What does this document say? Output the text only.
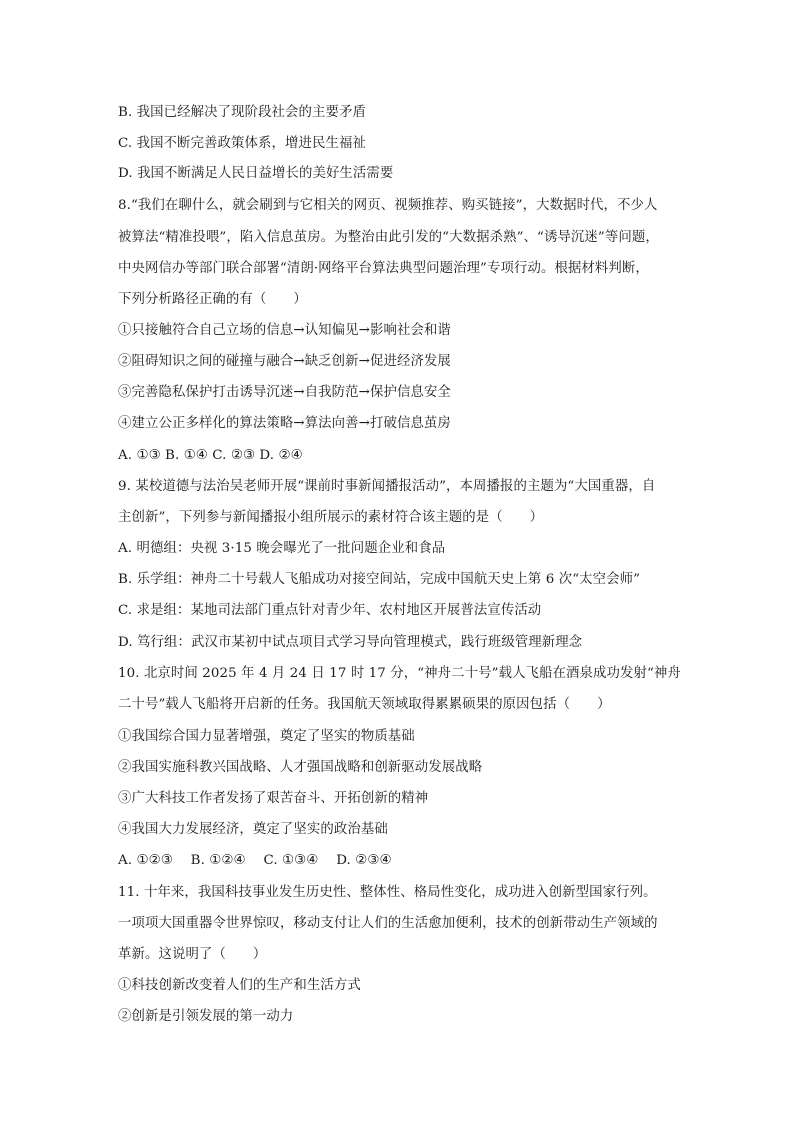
B. 我国已经解决了现阶段社会的主要矛盾
C. 我国不断完善政策体系，增进民生福祉
D. 我国不断满足人民日益增长的美好生活需要
8.“我们在聊什么，就会刷到与它相关的网页、视频推荐、购买链接”，大数据时代，不少人
被算法“精准投喂”，陷入信息茧房。为整治由此引发的“大数据杀熟”、“诱导沉迷”等问题，
中央网信办等部门联合部署“清朗·网络平台算法典型问题治理”专项行动。根据材料判断，
下列分析路径正确的有（　　）
①只接触符合自己立场的信息→认知偏见→影响社会和谐
②阻碍知识之间的碰撞与融合→缺乏创新→促进经济发展
③完善隐私保护打击诱导沉迷→自我防范→保护信息安全
④建立公正多样化的算法策略→算法向善→打破信息茧房
A. ①③ B. ①④ C. ②③ D. ②④
9. 某校道德与法治吴老师开展“课前时事新闻播报活动”，本周播报的主题为“大国重器，自
主创新”，下列参与新闻播报小组所展示的素材符合该主题的是（　　）
A. 明德组：央视 3·15 晚会曝光了一批问题企业和食品
B. 乐学组：神舟二十号载人飞船成功对接空间站，完成中国航天史上第 6 次“太空会师”
C. 求是组：某地司法部门重点针对青少年、农村地区开展普法宣传活动
D. 笃行组：武汉市某初中试点项目式学习导向管理模式，践行班级管理新理念
10. 北京时间 2025 年 4 月 24 日 17 时 17 分，“神舟二十号”载人飞船在酒泉成功发射“神舟
二十号”载人飞船将开启新的任务。我国航天领域取得累累硕果的原因包括（　　）
①我国综合国力显著增强，奠定了坚实的物质基础
②我国实施科教兴国战略、人才强国战略和创新驱动发展战略
③广大科技工作者发扬了艰苦奋斗、开拓创新的精神
④我国大力发展经济，奠定了坚实的政治基础
A. ①②③　 B. ①②④　 C. ①③④　 D. ②③④
11. 十年来，我国科技事业发生历史性、整体性、格局性变化，成功进入创新型国家行列。
一项项大国重器令世界惊叹，移动支付让人们的生活愈加便利，技术的创新带动生产领域的
革新。这说明了（　　）
①科技创新改变着人们的生产和生活方式
②创新是引领发展的第一动力
